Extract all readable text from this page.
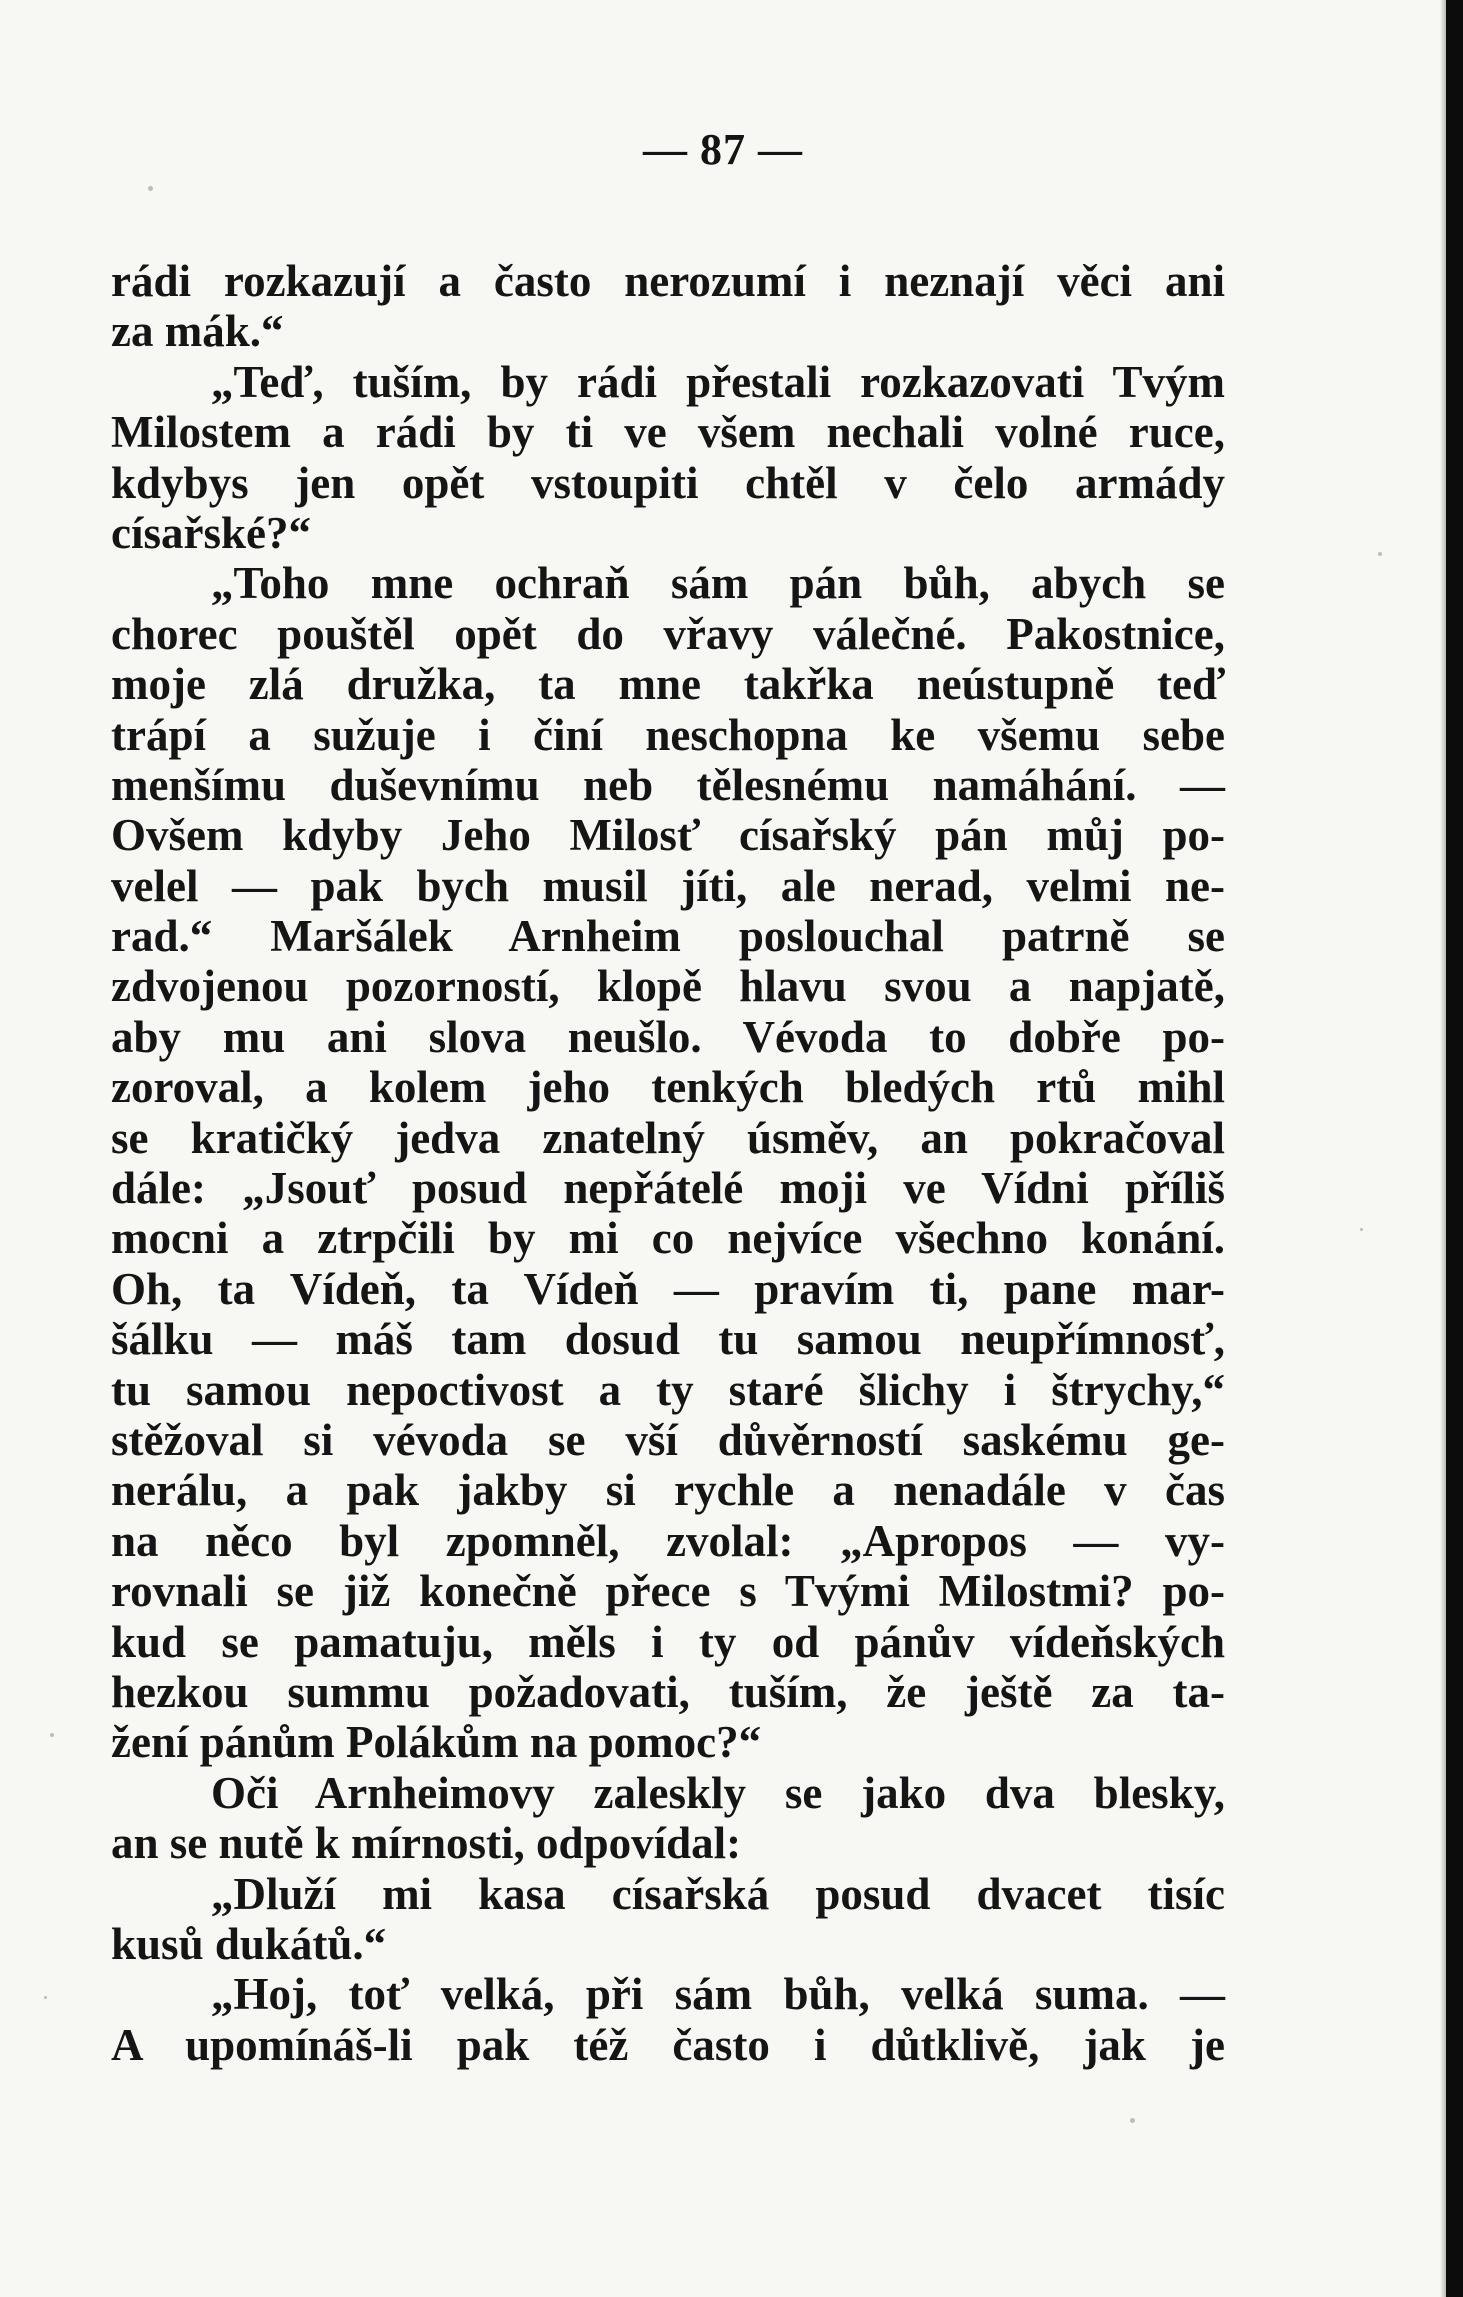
— 87 —
rádi rozkazují a často nerozumí i neznají věci ani
za mák.“
„Teď, tuším, by rádi přestali rozkazovati Tvým
Milostem a rádi by ti ve všem nechali volné ruce,
kdybys jen opět vstoupiti chtěl v čelo armády
císařské?“
„Toho mne ochraň sám pán bůh, abych se
chorec pouštěl opět do vřavy válečné. Pakostnice,
moje zlá družka, ta mne takřka neústupně teď
trápí a sužuje i činí neschopna ke všemu sebe
menšímu duševnímu neb tělesnému namáhání. —
Ovšem kdyby Jeho Milosť císařský pán můj po-
velel — pak bych musil jíti, ale nerad, velmi ne-
rad.“ Maršálek Arnheim poslouchal patrně se
zdvojenou pozorností, klopě hlavu svou a napjatě,
aby mu ani slova neušlo. Vévoda to dobře po-
zoroval, a kolem jeho tenkých bledých rtů mihl
se kratičký jedva znatelný úsměv, an pokračoval
dále: „Jsouť posud nepřátelé moji ve Vídni příliš
mocni a ztrpčili by mi co nejvíce všechno konání.
Oh, ta Vídeň, ta Vídeň — pravím ti, pane mar-
šálku — máš tam dosud tu samou neupřímnosť,
tu samou nepoctivost a ty staré šlichy i štrychy,“
stěžoval si vévoda se vší důvěrností saskému ge-
nerálu, a pak jakby si rychle a nenadále v čas
na něco byl zpomněl, zvolal: „Apropos — vy-
rovnali se již konečně přece s Tvými Milostmi? po-
kud se pamatuju, měls i ty od pánův vídeňských
hezkou summu požadovati, tuším, že ještě za ta-
žení pánům Polákům na pomoc?“
Oči Arnheimovy zaleskly se jako dva blesky,
an se nutě k mírnosti, odpovídal:
„Dluží mi kasa císařská posud dvacet tisíc
kusů dukátů.“
„Hoj, toť velká, při sám bůh, velká suma. —
A upomínáš-li pak též často i důtklivě, jak je
